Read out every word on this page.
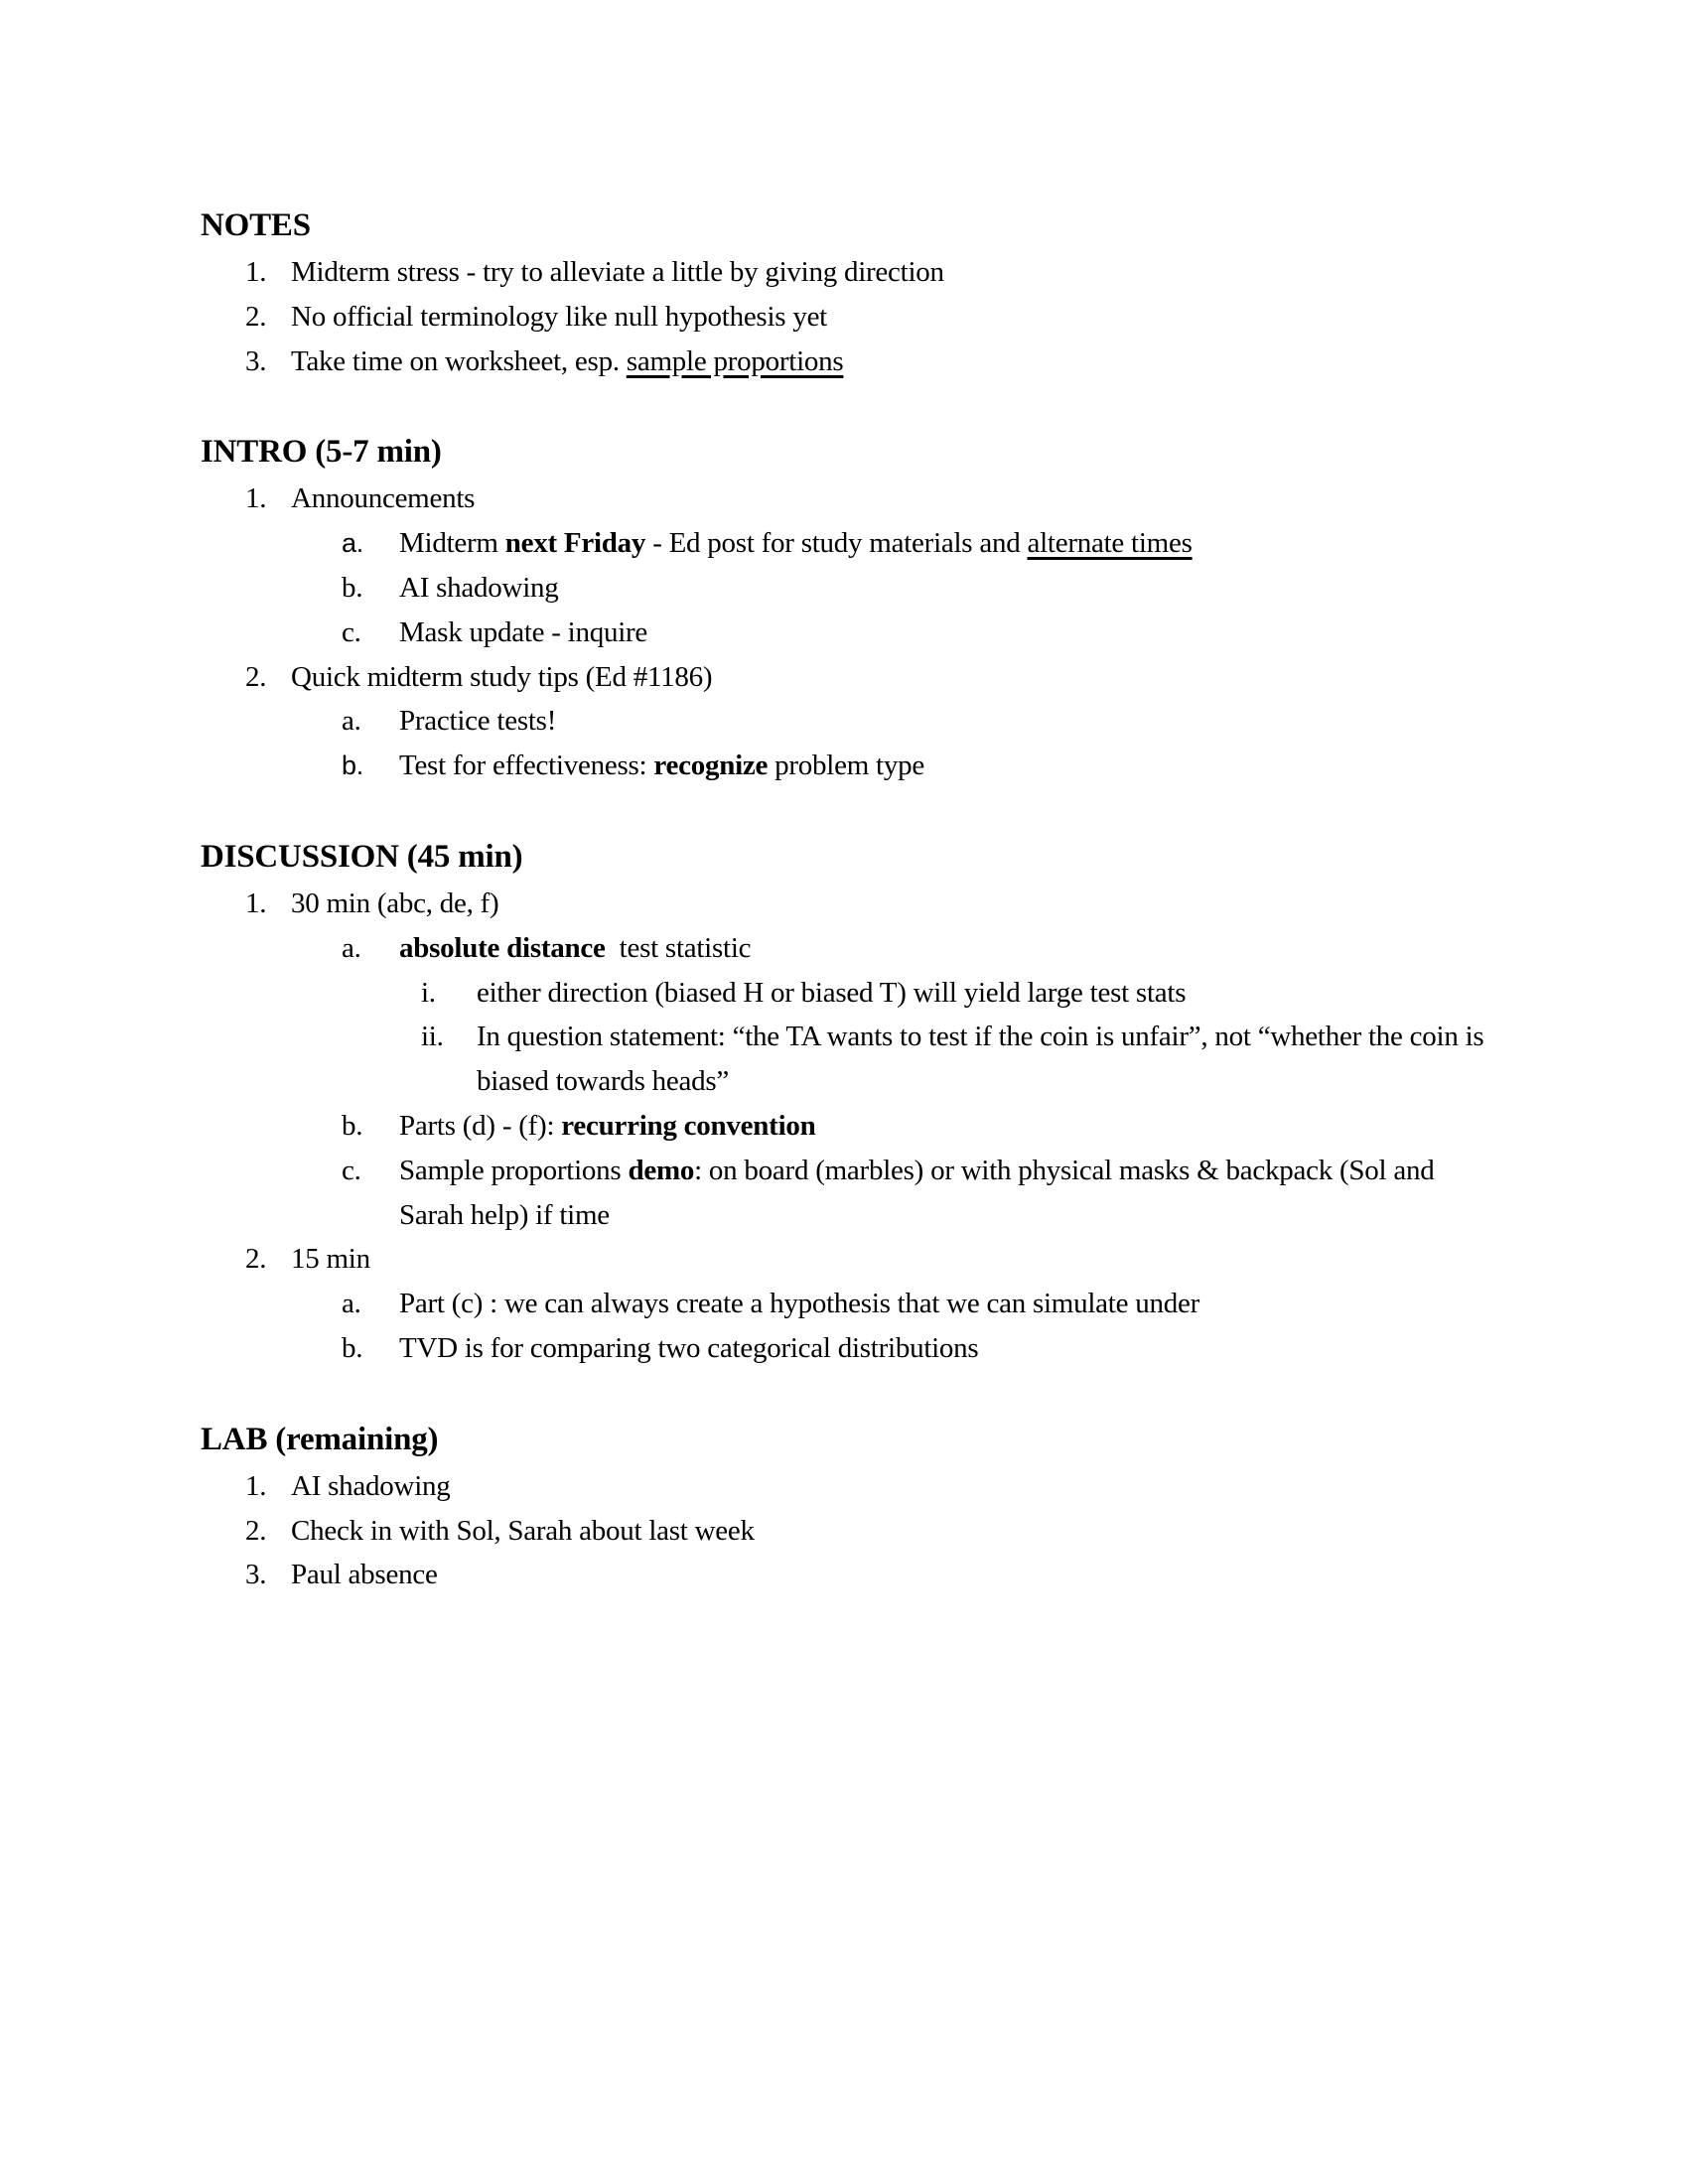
NOTES
1. Midterm stress - try to alleviate a little by giving direction
2. No official terminology like null hypothesis yet
3. Take time on worksheet, esp. sample proportions
INTRO (5-7 min)
1. Announcements
a.	Midterm next Friday - Ed post for study materials and alternate times
b.	AI shadowing
c.	Mask update - inquire
2. Quick midterm study tips (Ed #1186)
a.	Practice tests!
b.	Test for effectiveness: recognize problem type
DISCUSSION (45 min)
1. 30 min (abc, de, f)
a.	absolute distance  test statistic
i.	either direction (biased H or biased T) will yield large test stats
ii.	In question statement: “the TA wants to test if the coin is unfair”, not “whether the coin is biased towards heads”
b.	Parts (d) - (f): recurring convention
c.	Sample proportions demo: on board (marbles) or with physical masks & backpack (Sol and Sarah help) if time
2. 15 min
a.	Part (c) : we can always create a hypothesis that we can simulate under
b.	TVD is for comparing two categorical distributions
LAB (remaining)
1. AI shadowing
2. Check in with Sol, Sarah about last week
3. Paul absence
